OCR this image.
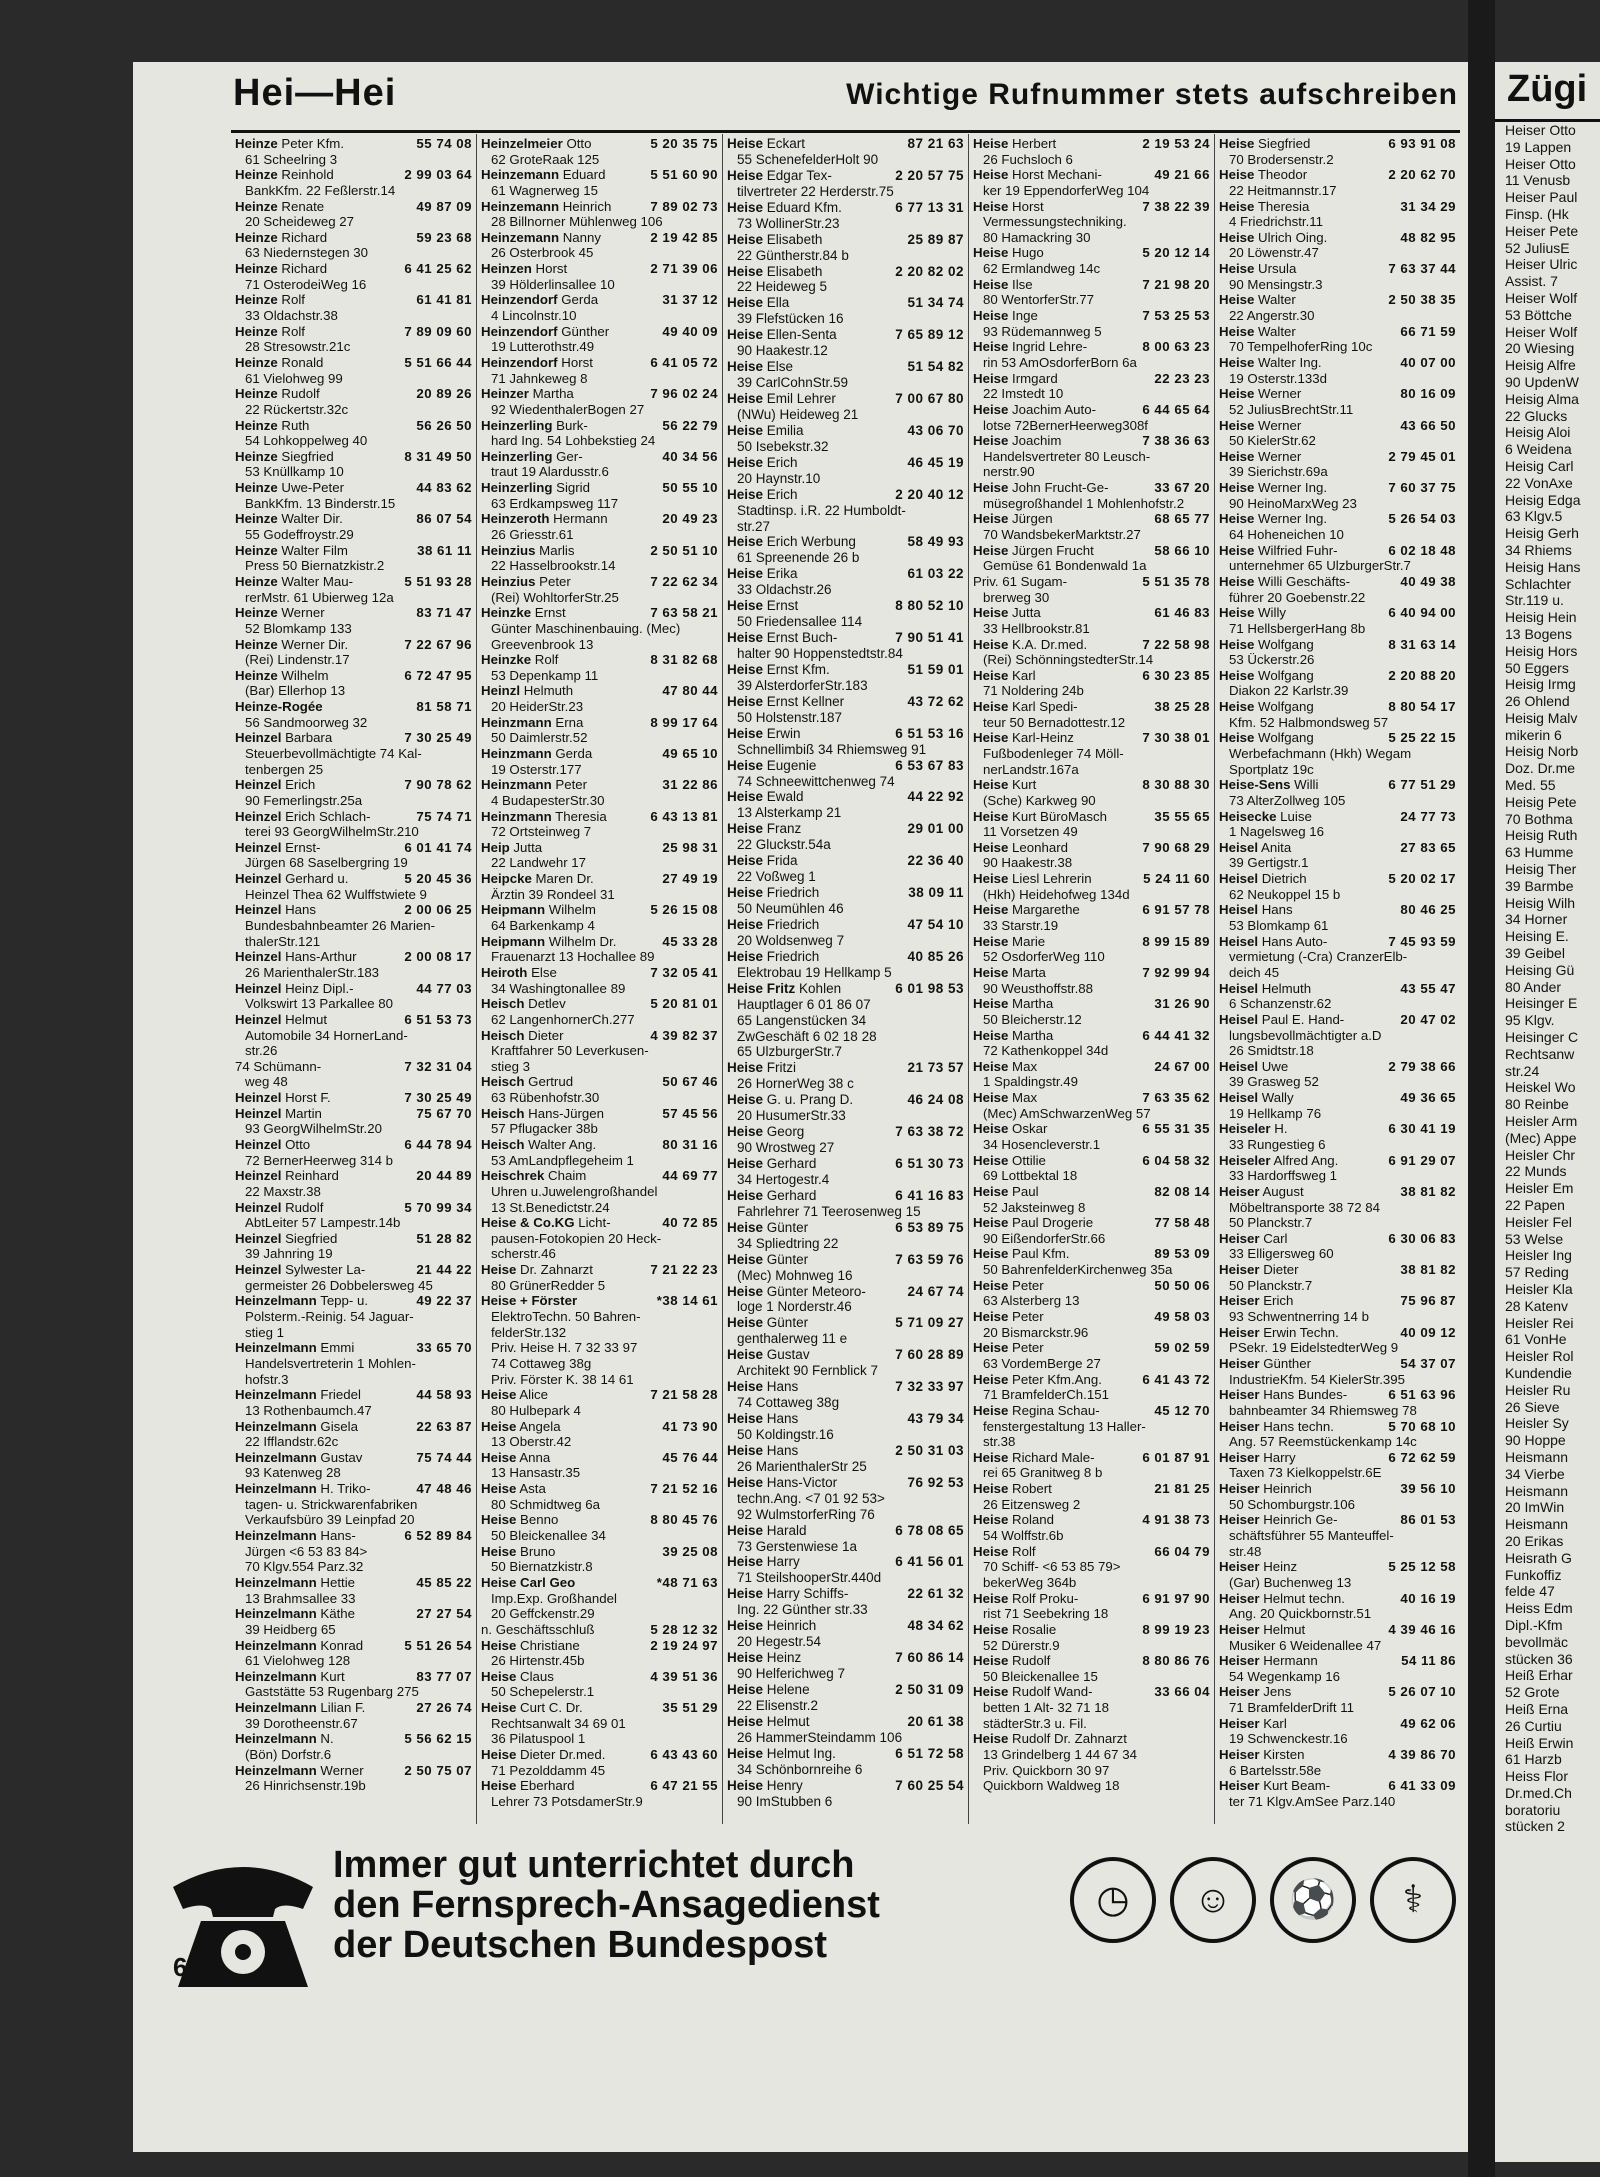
Hei—Hei	Wichtige Rufnummer stets aufschreiben
Heinze Peter Kfm.	55 74 08
61 Scheelring 3
Heinze Reinhold	2 99 03 64
BankKfm. 22 Feßlerstr.14
Heinze Renate	49 87 09
20 Scheideweg 27
Heinze Richard	59 23 68
63 Niedernstegen 30
Heinze Richard	6 41 25 62
71 OsterodeiWeg 16
Heinze Rolf	61 41 81
33 Oldachstr.38
Heinze Rolf	7 89 09 60
28 Stresowstr.21c
Heinze Ronald	5 51 66 44
61 Vielohweg 99
Heinze Rudolf	20 89 26
22 Rückertstr.32c
Heinze Ruth	56 26 50
54 Lohkoppelweg 40
Heinze Siegfried	8 31 49 50
53 Knüllkamp 10
Heinze Uwe-Peter	44 83 62
BankKfm. 13 Binderstr.15
Heinze Walter Dir.	86 07 54
55 Godeffroystr.29
Heinze Walter Film	38 61 11
Press 50 Biernatzkistr.2
Heinze Walter Mau-	5 51 93 28
rerMstr. 61 Ubierweg 12a
Heinze Werner	83 71 47
52 Blomkamp 133
Heinze Werner Dir.	7 22 67 96
(Rei) Lindenstr.17
Heinze Wilhelm	6 72 47 95
(Bar) Ellerhop 13
Heinze-Rogée	81 58 71
56 Sandmoorweg 32
Heinzel Barbara	7 30 25 49
Steuerbevollmächtigte 74 Kal-
tenbergen 25
Heinzel Erich	7 90 78 62
90 Femerlingstr.25a
Heinzel Erich Schlach-	75 74 71
terei 93 GeorgWilhelmStr.210
Heinzel Ernst-	6 01 41 74
Jürgen 68 Saselbergring 19
Heinzel Gerhard u.	5 20 45 36
Heinzel Thea 62 Wulffstwiete 9
Heinzel Hans	2 00 06 25
Bundesbahnbeamter 26 Marien-
thalerStr.121
Heinzel Hans-Arthur	2 00 08 17
26 MarienthalerStr.183
Heinzel Heinz Dipl.-	44 77 03
Volkswirt 13 Parkallee 80
Heinzel Helmut	6 51 53 73
Automobile 34 HornerLand-
str.26
74 Schümann-	7 32 31 04
weg 48
Heinzel Horst F.	7 30 25 49
Heinzel Martin	75 67 70
93 GeorgWilhelmStr.20
Heinzel Otto	6 44 78 94
72 BernerHeerweg 314 b
Heinzel Reinhard	20 44 89
22 Maxstr.38
Heinzel Rudolf	5 70 99 34
AbtLeiter 57 Lampestr.14b
Heinzel Siegfried	51 28 82
39 Jahnring 19
Heinzel Sylwester La-	21 44 22
germeister 26 Dobbelersweg 45
Heinzelmann Tepp- u.	49 22 37
Polsterm.-Reinig. 54 Jaguar-
stieg 1
Heinzelmann Emmi	33 65 70
Handelsvertreterin 1 Mohlen-
hofstr.3
Heinzelmann Friedel	44 58 93
13 Rothenbaumch.47
Heinzelmann Gisela	22 63 87
22 Ifflandstr.62c
Heinzelmann Gustav	75 74 44
93 Katenweg 28
Heinzelmann H. Triko-	47 48 46
tagen- u. Strickwarenfabriken
Verkaufsbüro 39 Leinpfad 20
Heinzelmann Hans-	6 52 89 84
Jürgen <6 53 83 84>
70 Klgv.554 Parz.32
Heinzelmann Hettie	45 85 22
13 Brahmsallee 33
Heinzelmann Käthe	27 27 54
39 Heidberg 65
Heinzelmann Konrad	5 51 26 54
61 Vielohweg 128
Heinzelmann Kurt	83 77 07
Gaststätte 53 Rugenbarg 275
Heinzelmann Lilian F.	27 26 74
39 Dorotheenstr.67
Heinzelmann N.	5 56 62 15
(Bön) Dorfstr.6
Heinzelmann Werner	2 50 75 07
26 Hinrichsenstr.19b
Heinzelmeier Otto	5 20 35 75
62 GroteRaak 125
Heinzemann Eduard	5 51 60 90
61 Wagnerweg 15
Heinzemann Heinrich	7 89 02 73
28 Billnorner Mühlenweg 106
Heinzemann Nanny	2 19 42 85
26 Osterbrook 45
Heinzen Horst	2 71 39 06
39 Hölderlinsallee 10
Heinzendorf Gerda	31 37 12
4 Lincolnstr.10
Heinzendorf Günther	49 40 09
19 Lutterothstr.49
Heinzendorf Horst	6 41 05 72
71 Jahnkeweg 8
Heinzer Martha	7 96 02 24
92 WiedenthalerBogen 27
Heinzerling Burk-	56 22 79
hard Ing. 54 Lohbekstieg 24
Heinzerling Ger-	40 34 56
traut 19 Alardusstr.6
Heinzerling Sigrid	50 55 10
63 Erdkampsweg 117
Heinzeroth Hermann	20 49 23
26 Griesstr.61
Heinzius Marlis	2 50 51 10
22 Hasselbrookstr.14
Heinzius Peter	7 22 62 34
(Rei) WohltorferStr.25
Heinzke Ernst	7 63 58 21
Günter Maschinenbauing. (Mec)
Greevenbrook 13
Heinzke Rolf	8 31 82 68
53 Depenkamp 11
Heinzl Helmuth	47 80 44
20 HeiderStr.23
Heinzmann Erna	8 99 17 64
50 Daimlerstr.52
Heinzmann Gerda	49 65 10
19 Osterstr.177
Heinzmann Peter	31 22 86
4 BudapesterStr.30
Heinzmann Theresia	6 43 13 81
72 Ortsteinweg 7
Heip Jutta	25 98 31
22 Landwehr 17
Heipcke Maren Dr.	27 49 19
Ärztin 39 Rondeel 31
Heipmann Wilhelm	5 26 15 08
64 Barkenkamp 4
Heipmann Wilhelm Dr.	45 33 28
Frauenarzt 13 Hochallee 89
Heiroth Else	7 32 05 41
34 Washingtonallee 89
Heisch Detlev	5 20 81 01
62 LangenhornerCh.277
Heisch Dieter	4 39 82 37
Kraftfahrer 50 Leverkusen-
stieg 3
Heisch Gertrud	50 67 46
63 Rübenhofstr.30
Heisch Hans-Jürgen	57 45 56
57 Pflugacker 38b
Heisch Walter Ang.	80 31 16
53 AmLandpflegeheim 1
Heischrek Chaim	44 69 77
Uhren u.Juwelengroßhandel
13 St.Benedictstr.24
Heise & Co.KG Licht-	40 72 85
pausen-Fotokopien 20 Heck-
scherstr.46
Heise Dr. Zahnarzt	7 21 22 23
80 GrünerRedder 5
Heise + Förster	*38 14 61
ElektroTechn. 50 Bahren-
felderStr.132
Priv. Heise H. 7 32 33 97
74 Cottaweg 38g
Priv. Förster K. 38 14 61
Heise Alice	7 21 58 28
80 Hulbepark 4
Heise Angela	41 73 90
13 Oberstr.42
Heise Anna	45 76 44
13 Hansastr.35
Heise Asta	7 21 52 16
80 Schmidtweg 6a
Heise Benno	8 80 45 76
50 Bleickenallee 34
Heise Bruno	39 25 08
50 Biernatzkistr.8
Heise Carl Geo	*48 71 63
Imp.Exp. Großhandel
20 Geffckenstr.29
n. Geschäftsschluß	5 28 12 32
Heise Christiane	2 19 24 97
26 Hirtenstr.45b
Heise Claus	4 39 51 36
50 Schepelerstr.1
Heise Curt C. Dr.	35 51 29
Rechtsanwalt 34 69 01
36 Pilatuspool 1
Heise Dieter Dr.med.	6 43 43 60
71 Pezolddamm 45
Heise Eberhard	6 47 21 55
Lehrer 73 PotsdamerStr.9
Heise Eckart	87 21 63
55 SchenefelderHolt 90
Heise Edgar Tex-	2 20 57 75
tilvertreter 22 Herderstr.75
Heise Eduard Kfm.	6 77 13 31
73 WollinerStr.23
Heise Elisabeth	25 89 87
22 Güntherstr.84 b
Heise Elisabeth	2 20 82 02
22 Heideweg 5
Heise Ella	51 34 74
39 Flefstücken 16
Heise Ellen-Senta	7 65 89 12
90 Haakestr.12
Heise Else	51 54 82
39 CarlCohnStr.59
Heise Emil Lehrer	7 00 67 80
(NWu) Heideweg 21
Heise Emilia	43 06 70
50 Isebekstr.32
Heise Erich	46 45 19
20 Haynstr.10
Heise Erich	2 20 40 12
Stadtinsp. i.R. 22 Humboldt-
str.27
Heise Erich Werbung	58 49 93
61 Spreenende 26 b
Heise Erika	61 03 22
33 Oldachstr.26
Heise Ernst	8 80 52 10
50 Friedensallee 114
Heise Ernst Buch-	7 90 51 41
halter 90 Hoppenstedtstr.84
Heise Ernst Kfm.	51 59 01
39 AlsterdorferStr.183
Heise Ernst Kellner	43 72 62
50 Holstenstr.187
Heise Erwin	6 51 53 16
Schnellimbiß 34 Rhiemsweg 91
Heise Eugenie	6 53 67 83
74 Schneewittchenweg 74
Heise Ewald	44 22 92
13 Alsterkamp 21
Heise Franz	29 01 00
22 Gluckstr.54a
Heise Frida	22 36 40
22 Voßweg 1
Heise Friedrich	38 09 11
50 Neumühlen 46
Heise Friedrich	47 54 10
20 Woldsenweg 7
Heise Friedrich	40 85 26
Elektrobau 19 Hellkamp 5
Heise Fritz Kohlen	6 01 98 53
Hauptlager 6 01 86 07
65 Langenstücken 34
ZwGeschäft 6 02 18 28
65 UlzburgerStr.7
Heise Fritzi	21 73 57
26 HornerWeg 38 c
Heise G. u. Prang D.	46 24 08
20 HusumerStr.33
Heise Georg	7 63 38 72
90 Wrostweg 27
Heise Gerhard	6 51 30 73
34 Hertogestr.4
Heise Gerhard	6 41 16 83
Fahrlehrer 71 Teerosenweg 15
Heise Günter	6 53 89 75
34 Spliedtring 22
Heise Günter	7 63 59 76
(Mec) Mohnweg 16
Heise Günter Meteoro-	24 67 74
loge 1 Norderstr.46
Heise Günter	5 71 09 27
genthalerweg 11 e
Heise Gustav	7 60 28 89
Architekt 90 Fernblick 7
Heise Hans	7 32 33 97
74 Cottaweg 38g
Heise Hans	43 79 34
50 Koldingstr.16
Heise Hans	2 50 31 03
26 MarienthalerStr 25
Heise Hans-Victor	76 92 53
techn.Ang. <7 01 92 53>
92 WulmstorferRing 76
Heise Harald	6 78 08 65
73 Gerstenwiese 1a
Heise Harry	6 41 56 01
71 SteilshooperStr.440d
Heise Harry Schiffs-	22 61 32
Ing. 22 Günther str.33
Heise Heinrich	48 34 62
20 Hegestr.54
Heise Heinz	7 60 86 14
90 Helferichweg 7
Heise Helene	2 50 31 09
22 Elisenstr.2
Heise Helmut	20 61 38
26 HammerSteindamm 106
Heise Helmut Ing.	6 51 72 58
34 Schönbornreihe 6
Heise Henry	7 60 25 54
90 ImStubben 6
Heise Herbert	2 19 53 24
26 Fuchsloch 6
Heise Horst Mechani-	49 21 66
ker 19 EppendorferWeg 104
Heise Horst	7 38 22 39
Vermessungstechniking.
80 Hamackring 30
Heise Hugo	5 20 12 14
62 Ermlandweg 14c
Heise Ilse	7 21 98 20
80 WentorferStr.77
Heise Inge	7 53 25 53
93 Rüdemannweg 5
Heise Ingrid Lehre-	8 00 63 23
rin 53 AmOsdorferBorn 6a
Heise Irmgard	22 23 23
22 Imstedt 10
Heise Joachim Auto-	6 44 65 64
lotse 72BernerHeerweg308f
Heise Joachim	7 38 36 63
Handelsvertreter 80 Leusch-
nerstr.90
Heise John Frucht-Ge-	33 67 20
müsegroßhandel 1 Mohlenhofstr.2
Heise Jürgen	68 65 77
70 WandsbekerMarktstr.27
Heise Jürgen Frucht	58 66 10
Gemüse 61 Bondenwald 1a
Priv. 61 Sugam-	5 51 35 78
brerweg 30
Heise Jutta	61 46 83
33 Hellbrookstr.81
Heise K.A. Dr.med.	7 22 58 98
(Rei) SchönningstedterStr.14
Heise Karl	6 30 23 85
71 Noldering 24b
Heise Karl Spedi-	38 25 28
teur 50 Bernadottestr.12
Heise Karl-Heinz	7 30 38 01
Fußbodenleger 74 Möll-
nerLandstr.167a
Heise Kurt	8 30 88 30
(Sche) Karkweg 90
Heise Kurt BüroMasch	35 55 65
11 Vorsetzen 49
Heise Leonhard	7 90 68 29
90 Haakestr.38
Heise Liesl Lehrerin	5 24 11 60
(Hkh) Heidehofweg 134d
Heise Margarethe	6 91 57 78
33 Starstr.19
Heise Marie	8 99 15 89
52 OsdorferWeg 110
Heise Marta	7 92 99 94
90 Weusthoffstr.88
Heise Martha	31 26 90
50 Bleicherstr.12
Heise Martha	6 44 41 32
72 Kathenkoppel 34d
Heise Max	24 67 00
1 Spaldingstr.49
Heise Max	7 63 35 62
(Mec) AmSchwarzenWeg 57
Heise Oskar	6 55 31 35
34 Hosencleverstr.1
Heise Ottilie	6 04 58 32
69 Lottbektal 18
Heise Paul	82 08 14
52 Jaksteinweg 8
Heise Paul Drogerie	77 58 48
90 EißendorferStr.66
Heise Paul Kfm.	89 53 09
50 BahrenfelderKirchenweg 35a
Heise Peter	50 50 06
63 Alsterberg 13
Heise Peter	49 58 03
20 Bismarckstr.96
Heise Peter	59 02 59
63 VordemBerge 27
Heise Peter Kfm.Ang.	6 41 43 72
71 BramfelderCh.151
Heise Regina Schau-	45 12 70
fenstergestaltung 13 Haller-
str.38
Heise Richard Male-	6 01 87 91
rei 65 Granitweg 8 b
Heise Robert	21 81 25
26 Eitzensweg 2
Heise Roland	4 91 38 73
54 Wolffstr.6b
Heise Rolf	66 04 79
70 Schiff- <6 53 85 79>
bekerWeg 364b
Heise Rolf Proku-	6 91 97 90
rist 71 Seebekring 18
Heise Rosalie	8 99 19 23
52 Dürerstr.9
Heise Rudolf	8 80 86 76
50 Bleickenallee 15
Heise Rudolf Wand-	33 66 04
betten 1 Alt- 32 71 18
städterStr.3 u. Fil.
Heise Rudolf Dr. Zahnarzt
13 Grindelberg 1 44 67 34
Priv. Quickborn 30 97
Quickborn Waldweg 18
Heise Siegfried	6 93 91 08
70 Brodersenstr.2
Heise Theodor	2 20 62 70
22 Heitmannstr.17
Heise Theresia	31 34 29
4 Friedrichstr.11
Heise Ulrich Oing.	48 82 95
20 Löwenstr.47
Heise Ursula	7 63 37 44
90 Mensingstr.3
Heise Walter	2 50 38 35
22 Angerstr.30
Heise Walter	66 71 59
70 TempelhoferRing 10c
Heise Walter Ing.	40 07 00
19 Osterstr.133d
Heise Werner	80 16 09
52 JuliusBrechtStr.11
Heise Werner	43 66 50
50 KielerStr.62
Heise Werner	2 79 45 01
39 Sierichstr.69a
Heise Werner Ing.	7 60 37 75
90 HeinoMarxWeg 23
Heise Werner Ing.	5 26 54 03
64 Hoheneichen 10
Heise Wilfried Fuhr-	6 02 18 48
unternehmer 65 UlzburgerStr.7
Heise Willi Geschäfts-	40 49 38
führer 20 Goebenstr.22
Heise Willy	6 40 94 00
71 HellsbergerHang 8b
Heise Wolfgang	8 31 63 14
53 Ückerstr.26
Heise Wolfgang	2 20 88 20
Diakon 22 Karlstr.39
Heise Wolfgang	8 80 54 17
Kfm. 52 Halbmondsweg 57
Heise Wolfgang	5 25 22 15
Werbefachmann (Hkh) Wegam
Sportplatz 19c
Heise-Sens Willi	6 77 51 29
73 AlterZollweg 105
Heisecke Luise	24 77 73
1 Nagelsweg 16
Heisel Anita	27 83 65
39 Gertigstr.1
Heisel Dietrich	5 20 02 17
62 Neukoppel 15 b
Heisel Hans	80 46 25
53 Blomkamp 61
Heisel Hans Auto-	7 45 93 59
vermietung (-Cra) CranzerElb-
deich 45
Heisel Helmuth	43 55 47
6 Schanzenstr.62
Heisel Paul E. Hand-	20 47 02
lungsbevollmächtigter a.D
26 Smidtstr.18
Heisel Uwe	2 79 38 66
39 Grasweg 52
Heisel Wally	49 36 65
19 Hellkamp 76
Heiseler H.	6 30 41 19
33 Rungestieg 6
Heiseler Alfred Ang.	6 91 29 07
33 Hardorffsweg 1
Heiser August	38 81 82
Möbeltransporte 38 72 84
50 Planckstr.7
Heiser Carl	6 30 06 83
33 Elligersweg 60
Heiser Dieter	38 81 82
50 Planckstr.7
Heiser Erich	75 96 87
93 Schwentnerring 14 b
Heiser Erwin Techn.	40 09 12
PSekr. 19 EidelstedterWeg 9
Heiser Günther	54 37 07
IndustrieKfm. 54 KielerStr.395
Heiser Hans Bundes-	6 51 63 96
bahnbeamter 34 Rhiemsweg 78
Heiser Hans techn.	5 70 68 10
Ang. 57 Reemstückenkamp 14c
Heiser Harry	6 72 62 59
Taxen 73 Kielkoppelstr.6E
Heiser Heinrich	39 56 10
50 Schomburgstr.106
Heiser Heinrich Ge-	86 01 53
schäftsführer 55 Manteuffel-
str.48
Heiser Heinz	5 25 12 58
(Gar) Buchenweg 13
Heiser Helmut techn.	40 16 19
Ang. 20 Quickbornstr.51
Heiser Helmut	4 39 46 16
Musiker 6 Weidenallee 47
Heiser Hermann	54 11 86
54 Wegenkamp 16
Heiser Jens	5 26 07 10
71 BramfelderDrift 11
Heiser Karl	49 62 06
19 Schwenckestr.16
Heiser Kirsten	4 39 86 70
6 Bartelsstr.58e
Heiser Kurt Beam-	6 41 33 09
ter 71 Klgv.AmSee Parz.140
Immer gut unterrichtet durch
den Fernsprech-Ansagedienst
der Deutschen Bundespost
◷	☺	⚽	⚕
658
Zügi
Heiser Otto
19 Lappen
Heiser Otto
11 Venusb
Heiser Paul
Finsp. (Hk
Heiser Pete
52 JuliusE
Heiser Ulric
Assist. 7
Heiser Wolf
53 Böttche
Heiser Wolf
20 Wiesing
Heisig Alfre
90 UpdenW
Heisig Alma
22 Glucks
Heisig Aloi
6 Weidena
Heisig Carl
22 VonAxe
Heisig Edga
63 Klgv.5
Heisig Gerh
34 Rhiems
Heisig Hans
Schlachter
Str.119 u.
Heisig Hein
13 Bogens
Heisig Hors
50 Eggers
Heisig Irmg
26 Ohlend
Heisig Malv
mikerin 6
Heisig Norb
Doz. Dr.me
Med. 55
Heisig Pete
70 Bothma
Heisig Ruth
63 Humme
Heisig Ther
39 Barmbe
Heisig Wilh
34 Horner
Heising E.
39 Geibel
Heising Gü
80 Ander
Heisinger E
95 Klgv.
Heisinger C
Rechtsanw
str.24
Heiskel Wo
80 Reinbe
Heisler Arm
(Mec) Appe
Heisler Chr
22 Munds
Heisler Em
22 Papen
Heisler Fel
53 Welse
Heisler Ing
57 Reding
Heisler Kla
28 Katenv
Heisler Rei
61 VonHe
Heisler Rol
Kundendie
Heisler Ru
26 Sieve
Heisler Sy
90 Hoppe
Heismann
34 Vierbe
Heismann
20 ImWin
Heismann
20 Erikas
Heisrath G
Funkoffiz
felde 47
Heiss Edm
Dipl.-Kfm
bevollmäc
stücken 36
Heiß Erhar
52 Grote
Heiß Erna
26 Curtiu
Heiß Erwin
61 Harzb
Heiss Flor
Dr.med.Ch
boratoriu
stücken 2
